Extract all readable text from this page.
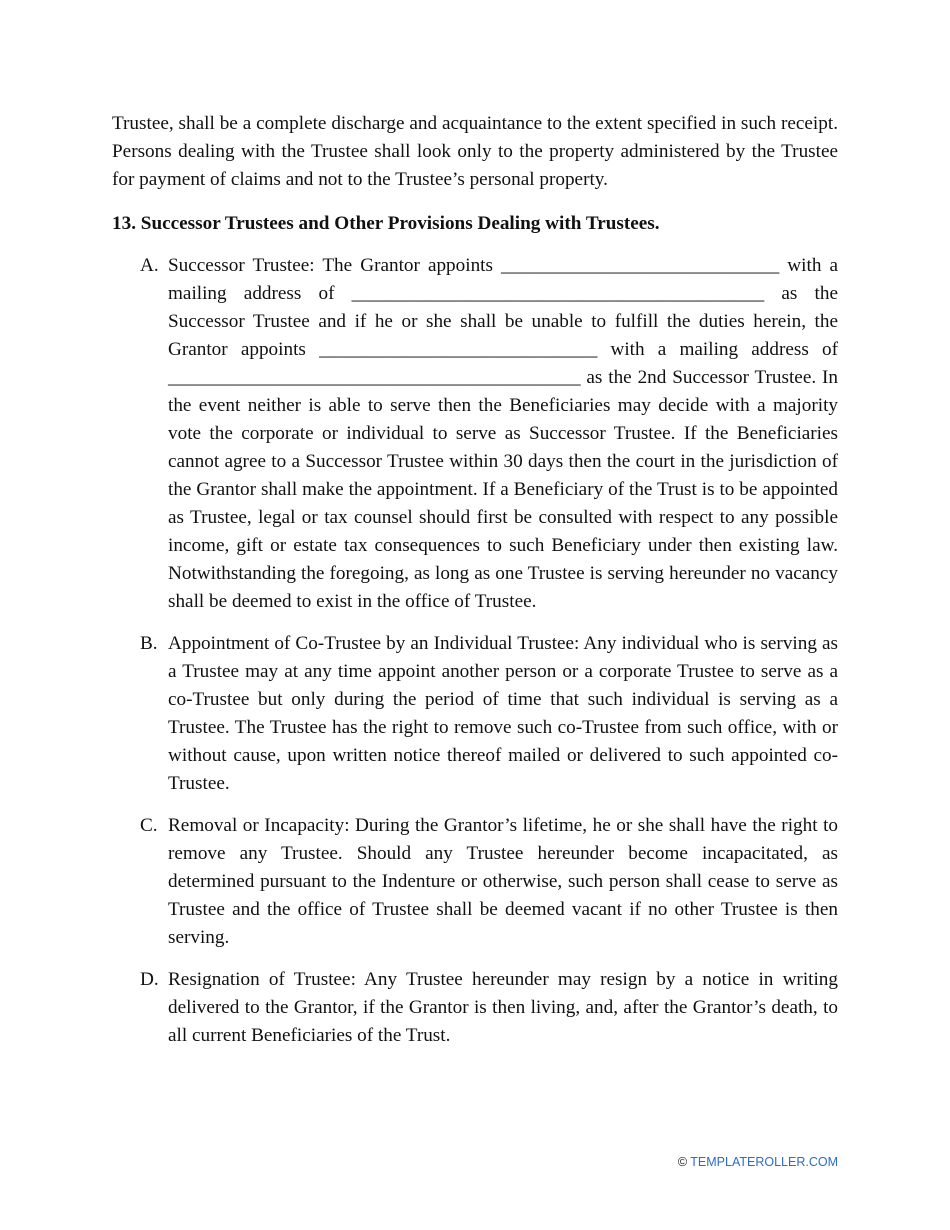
Trustee, shall be a complete discharge and acquaintance to the extent specified in such receipt. Persons dealing with the Trustee shall look only to the property administered by the Trustee for payment of claims and not to the Trustee’s personal property.

13. Successor Trustees and Other Provisions Dealing with Trustees.

A. Successor Trustee: The Grantor appoints _____________________________ with a mailing address of ___________________________________________ as the Successor Trustee and if he or she shall be unable to fulfill the duties herein, the Grantor appoints _____________________________ with a mailing address of ___________________________________________ as the 2nd Successor Trustee. In the event neither is able to serve then the Beneficiaries may decide with a majority vote the corporate or individual to serve as Successor Trustee. If the Beneficiaries cannot agree to a Successor Trustee within 30 days then the court in the jurisdiction of the Grantor shall make the appointment. If a Beneficiary of the Trust is to be appointed as Trustee, legal or tax counsel should first be consulted with respect to any possible income, gift or estate tax consequences to such Beneficiary under then existing law. Notwithstanding the foregoing, as long as one Trustee is serving hereunder no vacancy shall be deemed to exist in the office of Trustee.
B. Appointment of Co-Trustee by an Individual Trustee: Any individual who is serving as a Trustee may at any time appoint another person or a corporate Trustee to serve as a co-Trustee but only during the period of time that such individual is serving as a Trustee. The Trustee has the right to remove such co-Trustee from such office, with or without cause, upon written notice thereof mailed or delivered to such appointed co-Trustee.
C. Removal or Incapacity: During the Grantor’s lifetime, he or she shall have the right to remove any Trustee. Should any Trustee hereunder become incapacitated, as determined pursuant to the Indenture or otherwise, such person shall cease to serve as Trustee and the office of Trustee shall be deemed vacant if no other Trustee is then serving.
D. Resignation of Trustee: Any Trustee hereunder may resign by a notice in writing delivered to the Grantor, if the Grantor is then living, and, after the Grantor’s death, to all current Beneficiaries of the Trust.
© TEMPLATEROLLER.COM
